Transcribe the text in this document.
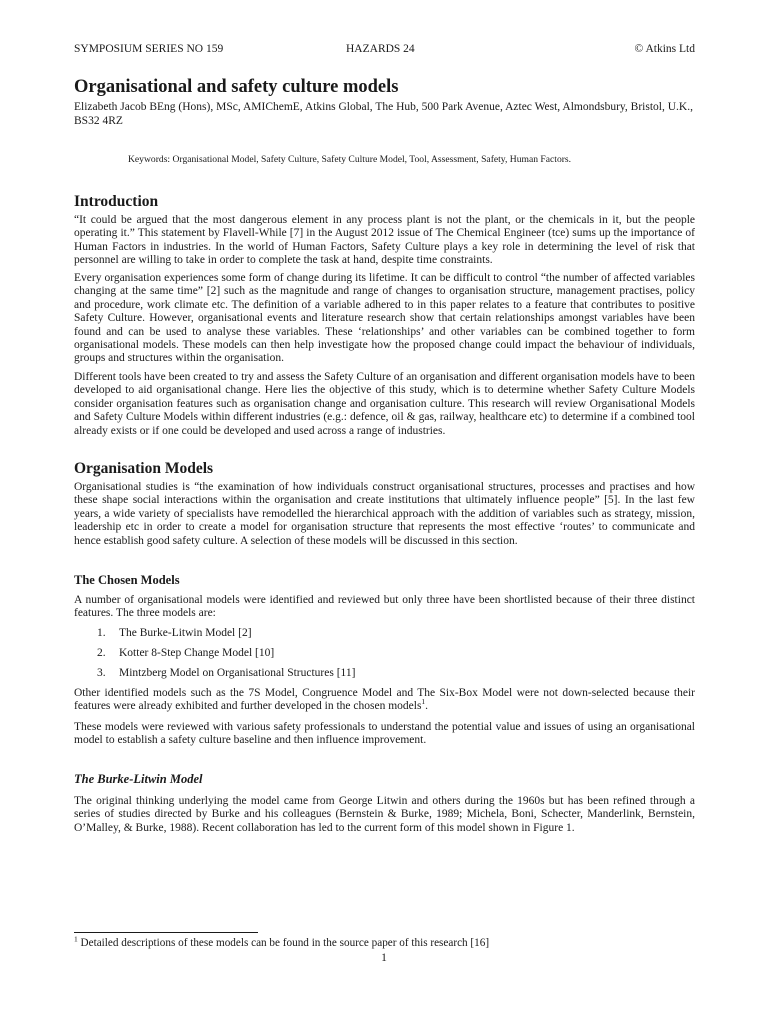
SYMPOSIUM SERIES NO 159	HAZARDS 24	© Atkins Ltd
Organisational and safety culture models
Elizabeth Jacob BEng (Hons), MSc, AMIChemE, Atkins Global, The Hub, 500 Park Avenue, Aztec West, Almondsbury, Bristol, U.K., BS32 4RZ
Keywords: Organisational Model, Safety Culture, Safety Culture Model, Tool, Assessment, Safety, Human Factors.
Introduction

“It could be argued that the most dangerous element in any process plant is not the plant, or the chemicals in it, but the people operating it.” This statement by Flavell-While [7] in the August 2012 issue of The Chemical Engineer (tce) sums up the importance of Human Factors in industries. In the world of Human Factors, Safety Culture plays a key role in determining the level of risk that personnel are willing to take in order to complete the task at hand, despite time constraints.

Every organisation experiences some form of change during its lifetime. It can be difficult to control “the number of affected variables changing at the same time” [2] such as the magnitude and range of changes to organisation structure, management practises, policy and procedure, work climate etc. The definition of a variable adhered to in this paper relates to a feature that contributes to positive Safety Culture. However, organisational events and literature research show that certain relationships amongst variables have been found and can be used to analyse these variables. These ‘relationships’ and other variables can be combined together to form organisational models. These models can then help investigate how the proposed change could impact the behaviour of individuals, groups and structures within the organisation.

Different tools have been created to try and assess the Safety Culture of an organisation and different organisation models have to been developed to aid organisational change. Here lies the objective of this study, which is to determine whether Safety Culture Models consider organisation features such as organisation change and organisation culture. This research will review Organisational Models and Safety Culture Models within different industries (e.g.: defence, oil & gas, railway, healthcare etc) to determine if a combined tool already exists or if one could be developed and used across a range of industries.

Organisation Models

Organisational studies is “the examination of how individuals construct organisational structures, processes and practises and how these shape social interactions within the organisation and create institutions that ultimately influence people” [5]. In the last few years, a wide variety of specialists have remodelled the hierarchical approach with the addition of variables such as strategy, mission, leadership etc in order to create a model for organisation structure that represents the most effective ‘routes’ to communicate and hence establish good safety culture. A selection of these models will be discussed in this section.

The Chosen Models

A number of organisational models were identified and reviewed but only three have been shortlisted because of their three distinct features. The three models are:

1. The Burke-Litwin Model [2]
2. Kotter 8-Step Change Model [10]
3. Mintzberg Model on Organisational Structures [11]

Other identified models such as the 7S Model, Congruence Model and The Six-Box Model were not down-selected because their features were already exhibited and further developed in the chosen models$^1$.

These models were reviewed with various safety professionals to understand the potential value and issues of using an organisational model to establish a safety culture baseline and then influence improvement.

The Burke-Litwin Model

The original thinking underlying the model came from George Litwin and others during the 1960s but has been refined through a series of studies directed by Burke and his colleagues (Bernstein & Burke, 1989; Michela, Boni, Schecter, Manderlink, Bernstein, O’Malley, & Burke, 1988). Recent collaboration has led to the current form of this model shown in Figure 1.

$^1$ Detailed descriptions of these models can be found in the source paper of this research [16]
1
